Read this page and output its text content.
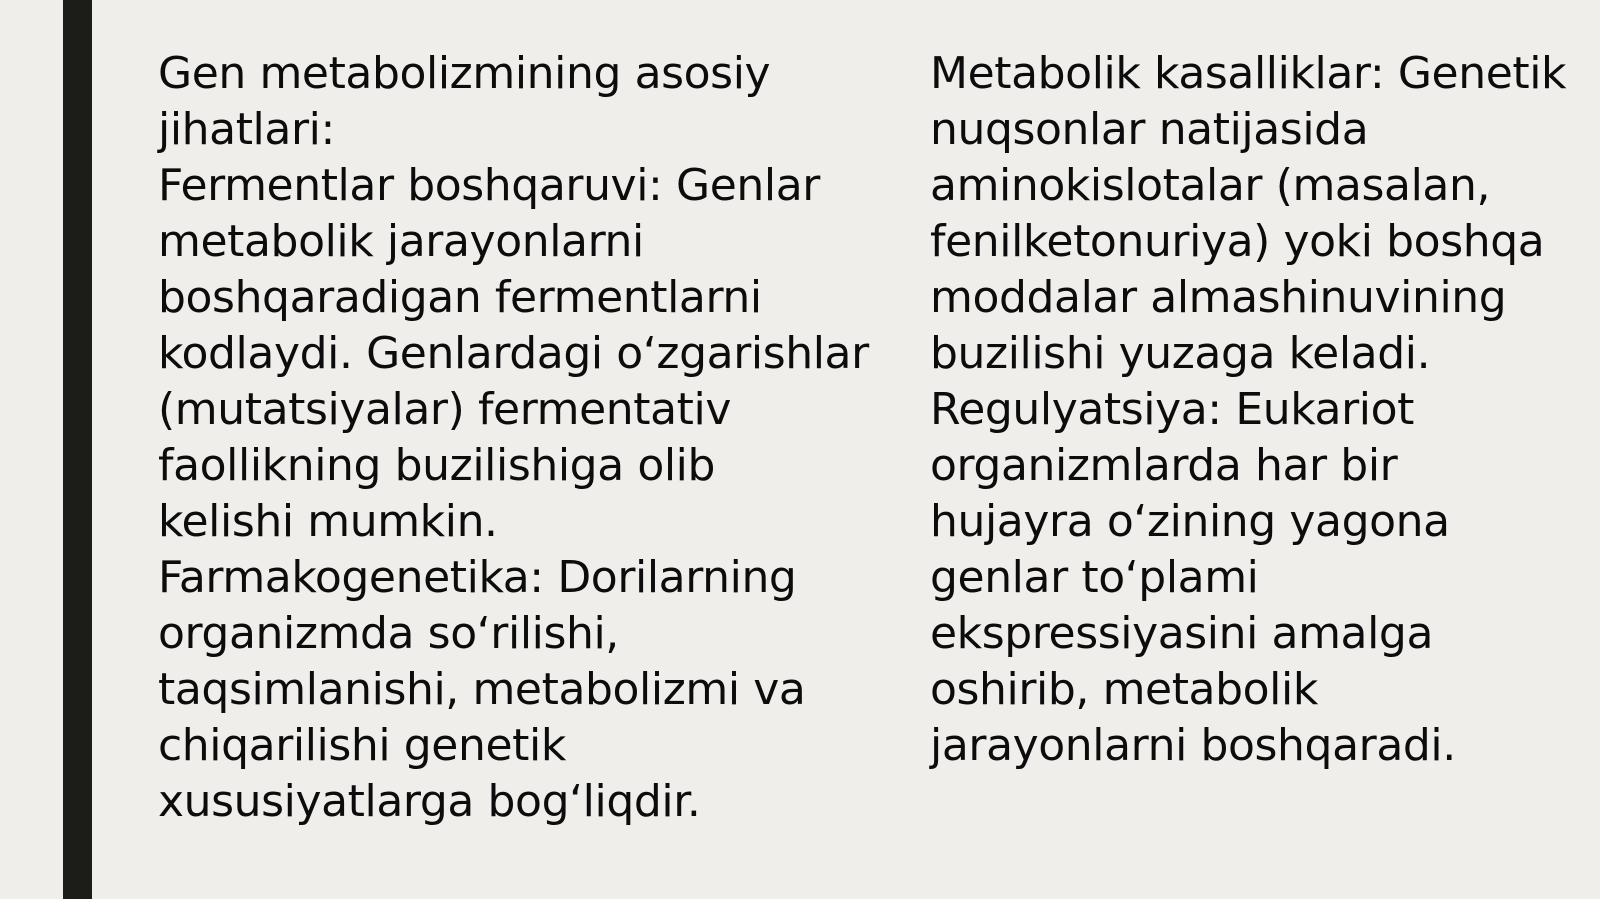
Gen metabolizmining asosiy
jihatlari:
Fermentlar boshqaruvi: Genlar
metabolik jarayonlarni
boshqaradigan fermentlarni
kodlaydi. Genlardagi oʻzgarishlar
(mutatsiyalar) fermentativ
faollikning buzilishiga olib
kelishi mumkin.
Farmakogenetika: Dorilarning
organizmda soʻrilishi,
taqsimlanishi, metabolizmi va
chiqarilishi genetik
xususiyatlarga bogʻliqdir.
Metabolik kasalliklar: Genetik
nuqsonlar natijasida
aminokislotalar (masalan,
fenilketonuriya) yoki boshqa
moddalar almashinuvining
buzilishi yuzaga keladi.
Regulyatsiya: Eukariot
organizmlarda har bir
hujayra oʻzining yagona
genlar toʻplami
ekspressiyasini amalga
oshirib, metabolik
jarayonlarni boshqaradi.
